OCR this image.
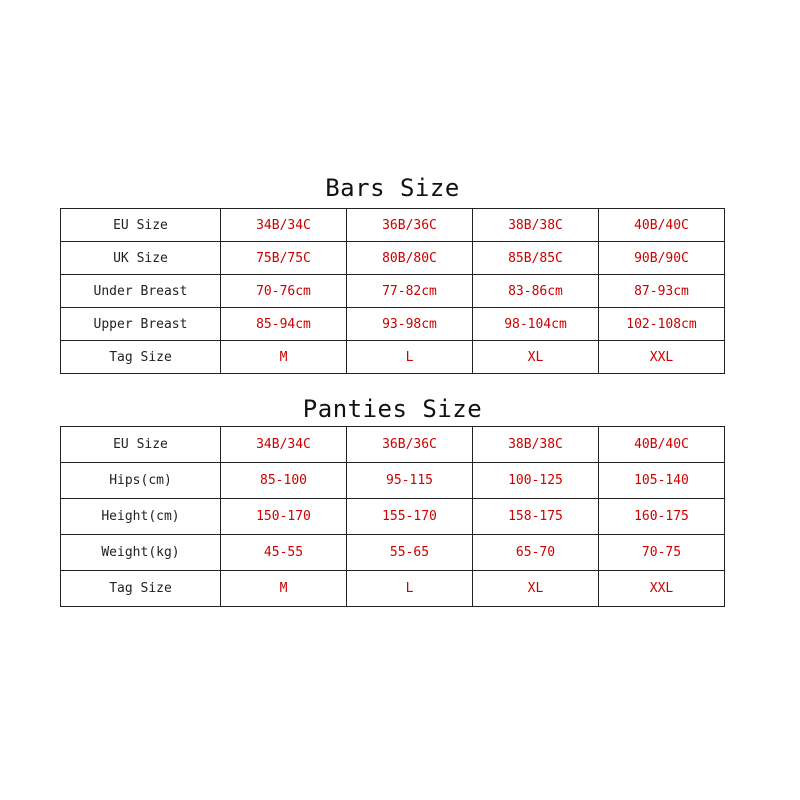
Bars Size
EU Size	34B/34C	36B/36C	38B/38C	40B/40C
UK Size	75B/75C	80B/80C	85B/85C	90B/90C
Under Breast	70-76cm	77-82cm	83-86cm	87-93cm
Upper Breast	85-94cm	93-98cm	98-104cm	102-108cm
Tag Size	M	L	XL	XXL
Panties Size
EU Size	34B/34C	36B/36C	38B/38C	40B/40C
Hips(cm)	85-100	95-115	100-125	105-140
Height(cm)	150-170	155-170	158-175	160-175
Weight(kg)	45-55	55-65	65-70	70-75
Tag Size	M	L	XL	XXL
